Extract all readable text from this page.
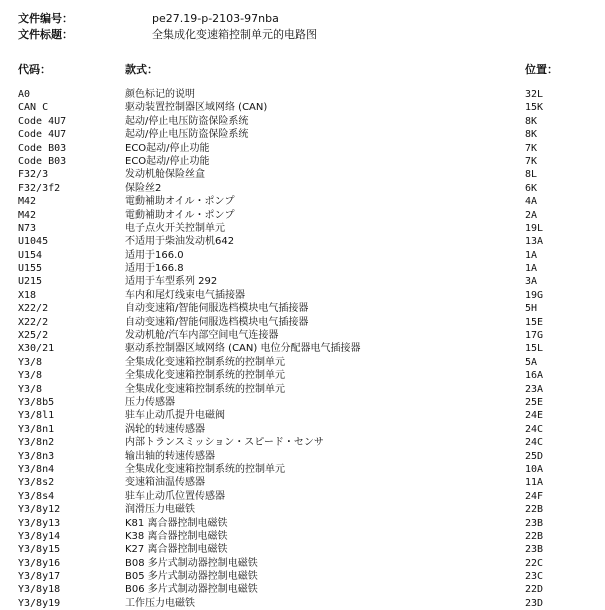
文件编号：	pe27.19-p-2103-97nba
文件标题：	全集成化变速箱控制单元的电路图
代码：	款式：	位置：
A0	颜色标记的说明	32L
CAN C	驱动装置控制器区域网络 (CAN)	15K
Code 4U7	起动/停止电压防盗保险系统	8K
Code 4U7	起动/停止电压防盗保险系统	8K
Code B03	ECO起动/停止功能	7K
Code B03	ECO起动/停止功能	7K
F32/3	发动机舱保险丝盒	8L
F32/3f2	保险丝2	6K
M42	電動補助オイル・ポンプ	4A
M42	電動補助オイル・ポンプ	2A
N73	电子点火开关控制单元	19L
U1045	不适用于柴油发动机642	13A
U154	适用于166.0	1A
U155	适用于166.8	1A
U215	适用于车型系列 292	3A
X18	车内和尾灯线束电气插接器	19G
X22/2	自动变速箱/智能伺服选档模块电气插接器	5H
X22/2	自动变速箱/智能伺服选档模块电气插接器	15E
X25/2	发动机舱/汽车内部空间电气连接器	17G
X30/21	驱动系控制器区域网络 (CAN) 电位分配器电气插接器	15L
Y3/8	全集成化变速箱控制系统的控制单元	5A
Y3/8	全集成化变速箱控制系统的控制单元	16A
Y3/8	全集成化变速箱控制系统的控制单元	23A
Y3/8b5	压力传感器	25E
Y3/8l1	驻车止动爪提升电磁阀	24E
Y3/8n1	涡轮的转速传感器	24C
Y3/8n2	内部トランスミッション・スピード・センサ	24C
Y3/8n3	输出轴的转速传感器	25D
Y3/8n4	全集成化变速箱控制系统的控制单元	10A
Y3/8s2	变速箱油温传感器	11A
Y3/8s4	驻车止动爪位置传感器	24F
Y3/8y12	润滑压力电磁铁	22B
Y3/8y13	K81 离合器控制电磁铁	23B
Y3/8y14	K38 离合器控制电磁铁	22B
Y3/8y15	K27 离合器控制电磁铁	23B
Y3/8y16	B08 多片式制动器控制电磁铁	22C
Y3/8y17	B05 多片式制动器控制电磁铁	23C
Y3/8y18	B06 多片式制动器控制电磁铁	22D
Y3/8y19	工作压力电磁铁	23D
